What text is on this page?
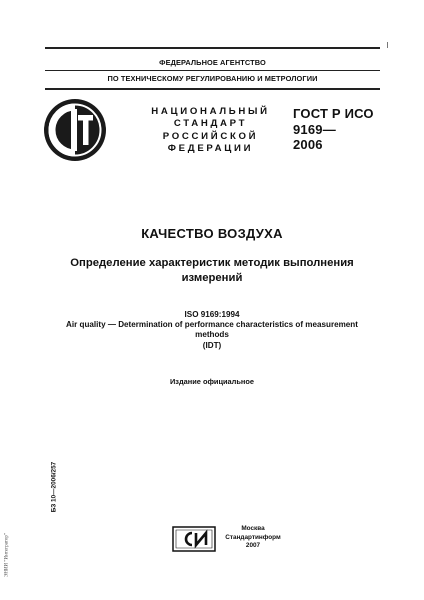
ФЕДЕРАЛЬНОЕ АГЕНТСТВО
ПО ТЕХНИЧЕСКОМУ РЕГУЛИРОВАНИЮ И МЕТРОЛОГИИ
НАЦИОНАЛЬНЫЙ
СТАНДАРТ
РОССИЙСКОЙ
ФЕДЕРАЦИИ
ГОСТ Р ИСО
9169—
2006
КАЧЕСТВО ВОЗДУХА
Определение характеристик методик выполнения
измерений
ISO 9169:1994
Air quality — Determination of performance characteristics of measurement
methods
(IDT)
Издание официальное
БЗ 10—2006/257
ЭНИИ "Интегратор"
Москва
Стандартинформ
2007
